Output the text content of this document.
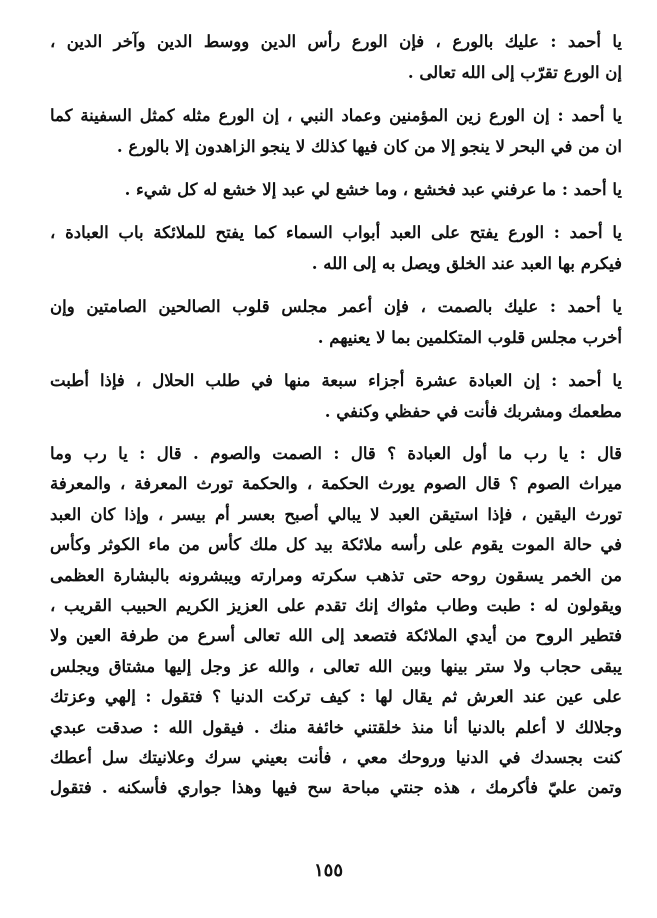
يا أحمد : عليك بالورع ، فإن الورع رأس الدين ووسط الدين وآخر الدين ،
إن الورع تقرّب إلى الله تعالى .
يا أحمد : إن الورع زين المؤمنين وعماد النبي ، إن الورع مثله كمثل السفينة كما
ان من في البحر لا ينجو إلا من كان فيها كذلك لا ينجو الزاهدون إلا بالورع .
يا أحمد : ما عرفني عبد فخشع ، وما خشع لي عبد إلا خشع له كل شيء .
يا أحمد : الورع يفتح على العبد أبواب السماء كما يفتح للملائكة باب العبادة ،
فيكرم بها العبد عند الخلق ويصل به إلى الله .
يا أحمد : عليك بالصمت ، فإن أعمر مجلس قلوب الصالحين الصامتين وإن
أخرب مجلس قلوب المتكلمين بما لا يعنيهم .
يا أحمد : إن العبادة عشرة أجزاء سبعة منها في طلب الحلال ، فإذا أطبت
مطعمك ومشربك فأنت في حفظي وكنفي .
قال : يا رب ما أول العبادة ؟ قال : الصمت والصوم . قال : يا رب وما
ميراث الصوم ؟ قال الصوم يورث الحكمة ، والحكمة تورث المعرفة ، والمعرفة
تورث اليقين ، فإذا استيقن العبد لا يبالي أصبح بعسر أم بيسر ، وإذا كان العبد
في حالة الموت يقوم على رأسه ملائكة بيد كل ملك كأس من ماء الكوثر وكأس
من الخمر يسقون روحه حتى تذهب سكرته ومرارته ويبشرونه بالبشارة العظمى
ويقولون له : طبت وطاب مثواك إنك تقدم على العزيز الكريم الحبيب القريب ،
فتطير الروح من أيدي الملائكة فتصعد إلى الله تعالى أسرع من طرفة العين ولا
يبقى حجاب ولا ستر بينها وبين الله تعالى ، والله عز وجل إليها مشتاق ويجلس
على عين عند العرش ثم يقال لها : كيف تركت الدنيا ؟ فتقول : إلهي وعزتك
وجلالك لا أعلم بالدنيا أنا منذ خلقتني خائفة منك . فيقول الله : صدقت عبدي
كنت بجسدك في الدنيا وروحك معي ، فأنت بعيني سرك وعلانيتك سل أعطك
وتمن عليّ فأكرمك ، هذه جنتي مباحة سح فيها وهذا جواري فأسكنه . فتقول
١٥٥
